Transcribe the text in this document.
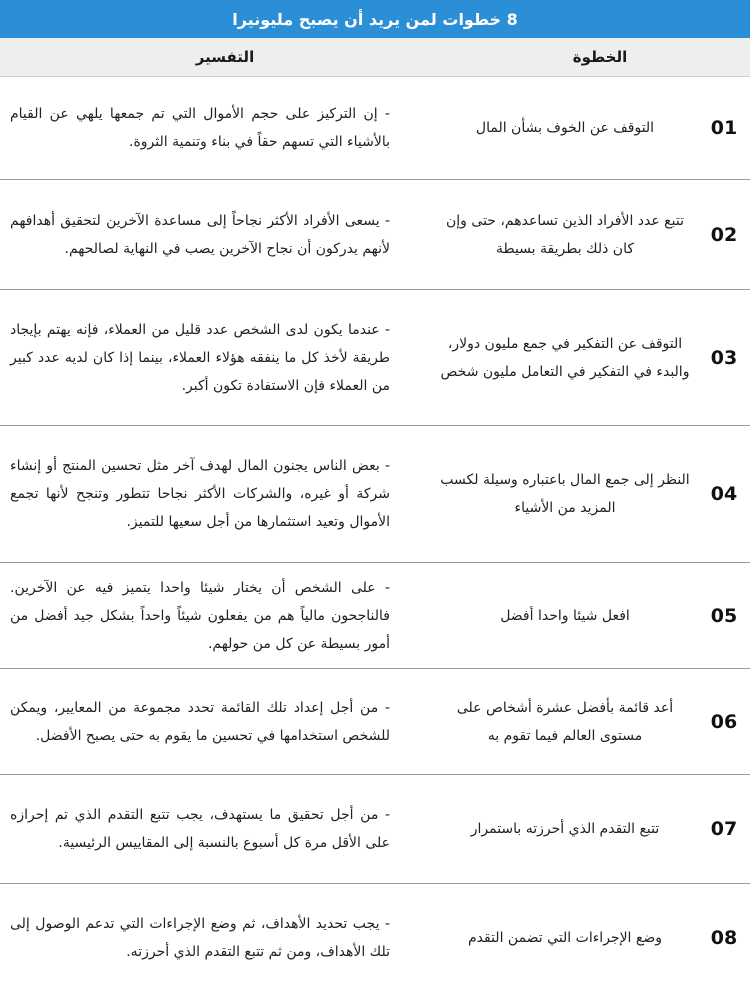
8 خطوات لمن يريد أن يصبح مليونيرا
الخطوة
التفسير
01
التوقف عن الخوف بشأن المال
- إن التركيز على حجم الأموال التي تم جمعها يلهي عن القيام بالأشياء التي تسهم حقاً في بناء وتنمية الثروة.
02
تتبع عدد الأفراد الذين تساعدهم، حتى وإن كان ذلك بطريقة بسيطة
- يسعى الأفراد الأكثر نجاحاً إلى مساعدة الآخرين لتحقيق أهدافهم لأنهم يدركون أن نجاح الآخرين يصب في النهاية لصالحهم.
03
التوقف عن التفكير في جمع مليون دولار، والبدء في التفكير في التعامل مليون شخص
- عندما يكون لدى الشخص عدد قليل من العملاء، فإنه يهتم بإيجاد طريقة لأخذ كل ما ينفقه هؤلاء العملاء، بينما إذا كان لديه عدد كبير من العملاء فإن الاستفادة تكون أكبر.
04
النظر إلى جمع المال باعتباره وسيلة لكسب المزيد من الأشياء
- بعض الناس يجنون المال لهدف آخر مثل تحسين المنتج أو إنشاء شركة أو غيره، والشركات الأكثر نجاحا تتطور وتنجح لأنها تجمع الأموال وتعيد استثمارها من أجل سعيها للتميز.
05
افعل شيئا واحدا أفضل
- على الشخص أن يختار شيئا واحدا يتميز فيه عن الآخرين. فالناجحون مالياً هم من يفعلون شيئاً واحداً بشكل جيد أفضل من أمور بسيطة عن كل من حولهم.
06
أعد قائمة بأفضل عشرة أشخاص على مستوى العالم فيما تقوم به
- من أجل إعداد تلك القائمة تحدد مجموعة من المعايير، ويمكن للشخص استخدامها في تحسين ما يقوم به حتى يصبح الأفضل.
07
تتبع التقدم الذي أحرزته باستمرار
- من أجل تحقيق ما يستهدف، يجب تتبع التقدم الذي تم إحرازه على الأقل مرة كل أسبوع بالنسبة إلى المقاييس الرئيسية.
08
وضع الإجراءات التي تضمن التقدم
- يجب تحديد الأهداف، ثم وضع الإجراءات التي تدعم الوصول إلى تلك الأهداف، ومن ثم تتبع التقدم الذي أحرزته.
